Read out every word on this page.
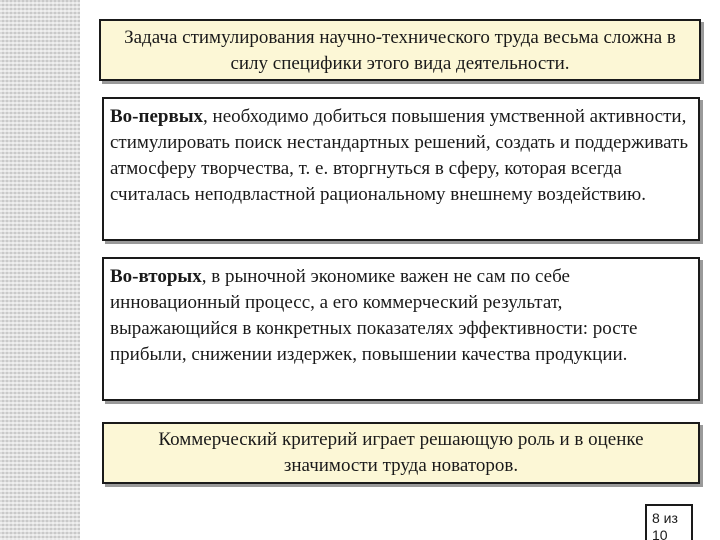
Задача стимулирования научно-технического труда весьма сложна в силу специфики этого вида деятельности.
Во-первых, необходимо добиться повышения умственной активности, стимулировать поиск нестандартных решений, создать и поддерживать атмосферу творчества, т. е. вторгнуться в сферу, которая всегда считалась неподвластной рациональному внешнему воздействию.
Во-вторых, в рыночной экономике важен не сам по себе инновационный процесс, а его коммерческий результат, выражающийся в конкретных показателях эффективности: росте прибыли, снижении издержек, повышении качества продукции.
Коммерческий критерий играет решающую роль и в оценке значимости труда новаторов.
8 из 10
